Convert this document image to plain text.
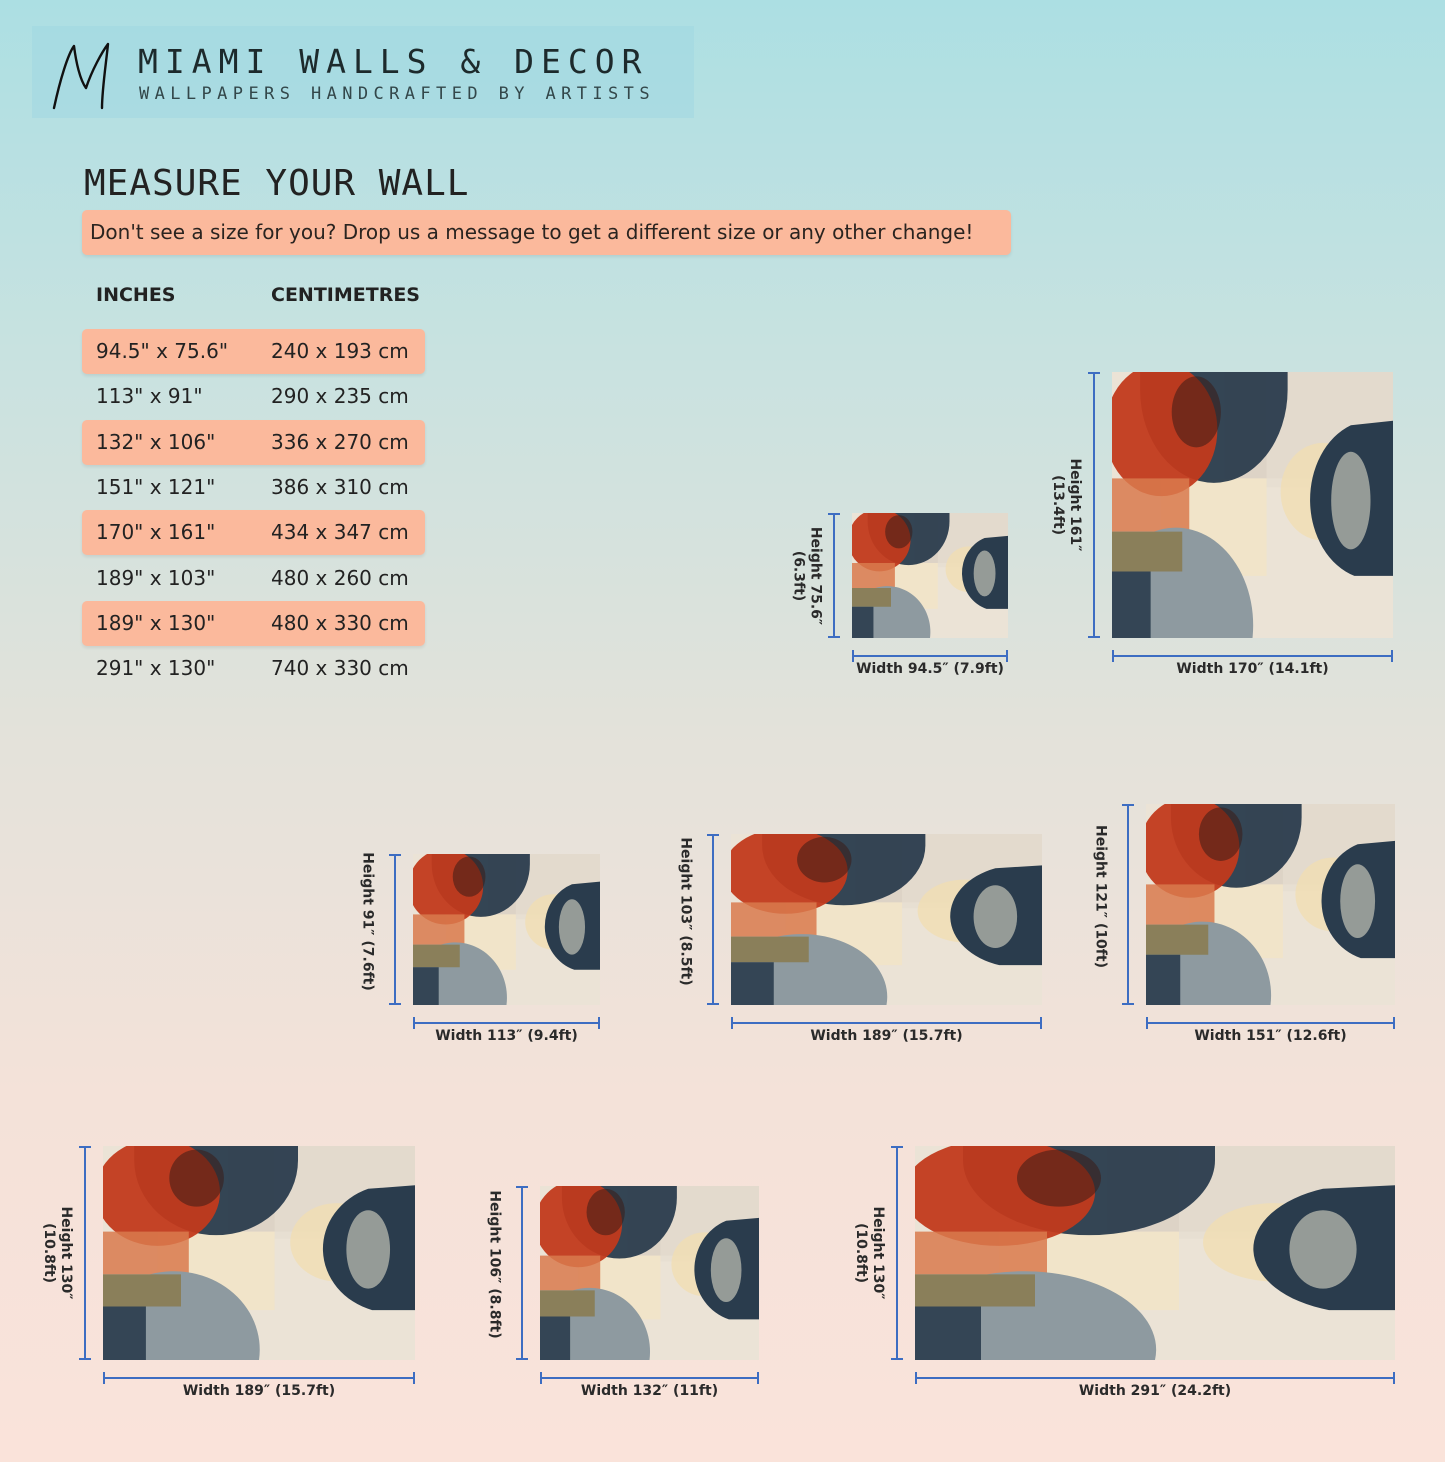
MIAMI WALLS & DECOR
WALLPAPERS HANDCRAFTED BY ARTISTS
MEASURE YOUR WALL
Don't see a size for you? Drop us a message to get a different size or any other change!
INCHES	CENTIMETRES
94.5" x 75.6" 240 x 193 cm
113" x 91"	290 x 235 cm
132" x 106"	336 x 270 cm
151" x 121"	386 x 310 cm
170" x 161"	434 x 347 cm
189" x 103"	480 x 260 cm
189" x 130"	480 x 330 cm
291" x 130"	740 x 330 cm	Width 94.5″ (7.9ft)
Height 75.6″ (6.3ft)
Width 170″ (14.1ft)
Height 161″ (13.4ft)
Width 113″ (9.4ft)
Height 91″ (7.6ft)
Width 189″ (15.7ft)
Height 103″ (8.5ft)
Width 151″ (12.6ft)
Height 121″ (10ft)
Width 189″ (15.7ft)
Height 130″ (10.8ft)
Width 132″ (11ft)
Height 106″ (8.8ft)
Width 291″ (24.2ft)
Height 130″ (10.8ft)
